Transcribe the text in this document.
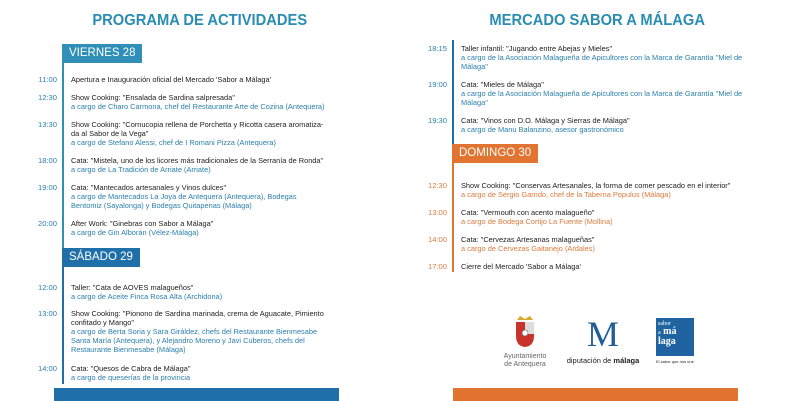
PROGRAMA DE ACTIVIDADES	MERCADO SABOR A MÁLAGA
VIERNES 28
SÁBADO 29
DOMINGO 30
11:00 Apertura e Inauguración oficial del Mercado 'Sabor a Málaga'
12:30 Show Cooking: "Ensalada de Sardina salpresada"
a cargo de Charo Carmona, chef del Restaurante Arte de Cozina (Antequera)
13:30 Show Cooking: "Cornucopia rellena de Porchetta y Ricotta casera aromatiza-
da al Sabor de la Vega"
a cargo de Stefano Alessi, chef de I Romani Pizza (Antequera)
18:00 Cata: "Mistela, uno de los licores más tradicionales de la Serranía de Ronda"
a cargo de La Tradición de Arriate (Arriate)
19:00 Cata: "Mantecados artesanales y Vinos dulces"
a cargo de Mantecados La Joya de Antequera (Antequera), Bodegas
Bentomiz (Sayalonga) y Bodegas Quitapenas (Málaga)
20:00 After Work: "Ginebras con Sabor a Málaga"
a cargo de Gin Alborán (Vélez-Málaga)
12:00 Taller: "Cata de AOVES malagueños"
a cargo de Aceite Finca Rosa Alta (Archidona)
13:00 Show Cooking: "Pionono de Sardina marinada, crema de Aguacate, Pimiento
confitado y Mango"
a cargo de Berta Soria y Sara Giráldez, chefs del Restaurante Bienmesabe
Santa María (Antequera), y Alejandro Moreno y Javi Cuberos, chefs del
Restaurante Bienmesabe (Málaga)
14:00 Cata: "Quesos de Cabra de Málaga"
a cargo de queserías de la provincia
18:15 Taller infantil: "Jugando entre Abejas y Mieles"
a cargo de la Asociación Malagueña de Apicultores con la Marca de Garantía "Miel de
Málaga"
19:00 Cata: "Mieles de Málaga"
a cargo de la Asociación Malagueña de Apicultores con la Marca de Garantía "Miel de
Málaga"
19:30 Cata: "Vinos con D.O. Málaga y Sierras de Málaga"
a cargo de Manu Balanzino, asesor gastronómico
12:30 Show Cooking: "Conservas Artesanales, la forma de comer pescado en el interior"
a cargo de Sergio Garrido, chef de la Taberna Populus (Málaga)
13:00 Cata: "Vermouth con acento malagueño"
a cargo de Bodega Cortijo La Fuente (Mollina)
14:00 Cata: "Cervezas Artesanas malagueñas"
a cargo de Cervezas Gaitanejo (Ardales)
17:00 Cierre del Mercado 'Sabor a Málaga'
Ayuntamiento
de Antequera
M
diputación de málaga
sabor
a má
laga
El sabor que nos une
